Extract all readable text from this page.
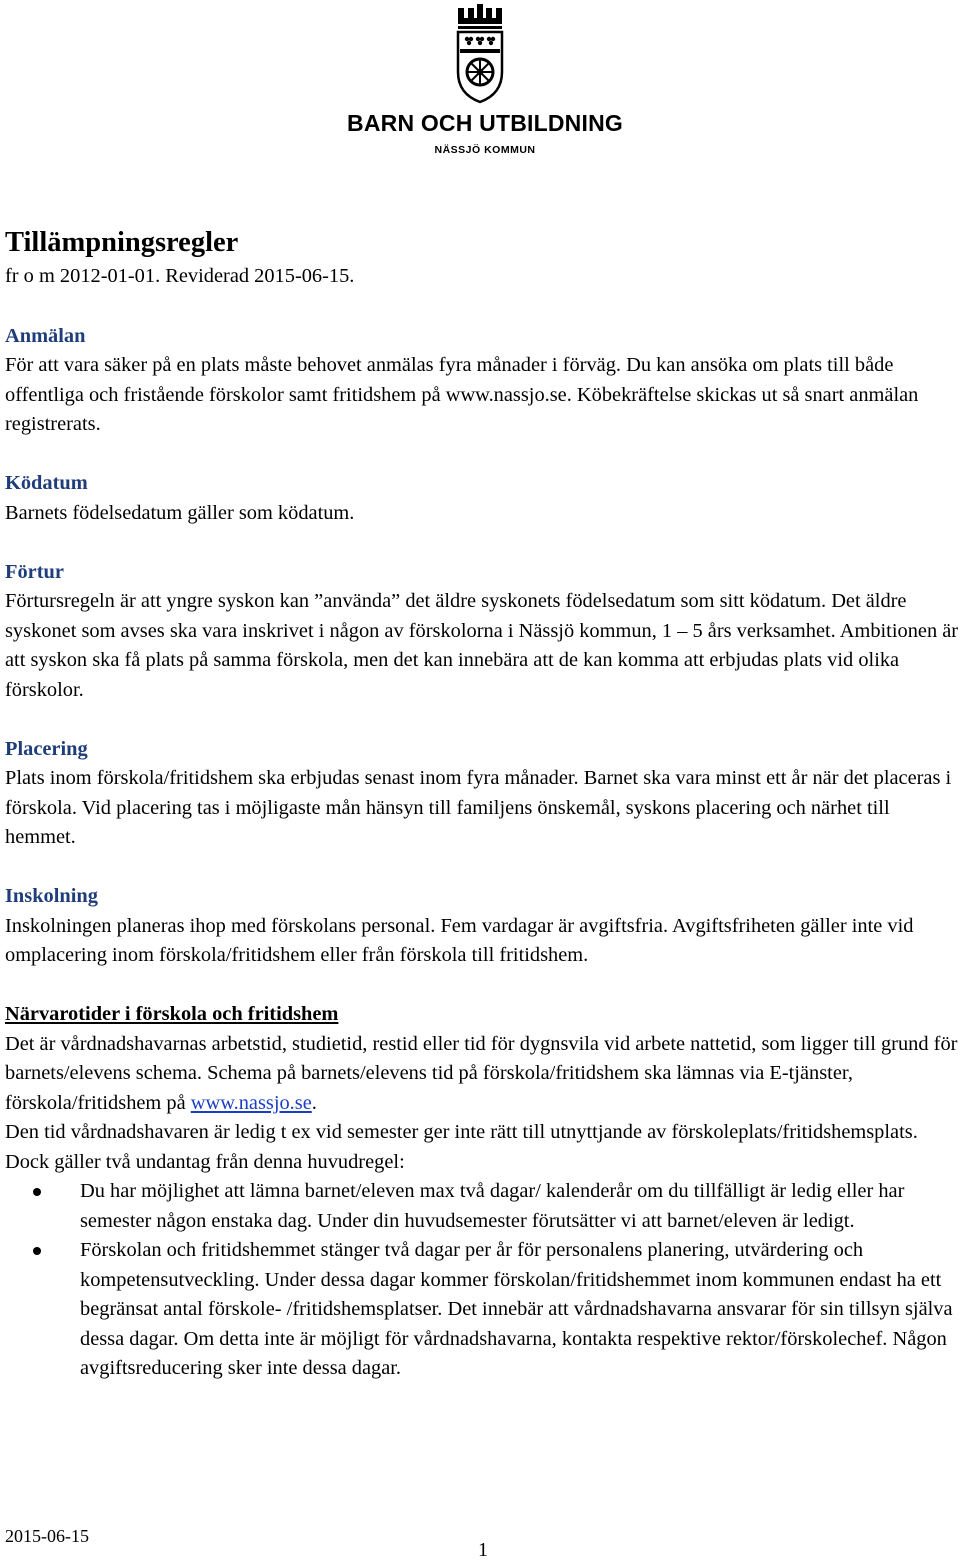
BARN OCH UTBILDNING
NÄSSJÖ KOMMUN
Tillämpningsregler

fr o m 2012-01-01. Reviderad 2015-06-15.

Anmälan

För att vara säker på en plats måste behovet anmälas fyra månader i förväg. Du kan ansöka om plats till både offentliga och fristående förskolor samt fritidshem på www.nassjo.se. Köbekräftelse skickas ut så snart anmälan registrerats.

Ködatum

Barnets födelsedatum gäller som ködatum.

Förtur

Förtursregeln är att yngre syskon kan ”använda” det äldre syskonets födelsedatum som sitt ködatum. Det äldre syskonet som avses ska vara inskrivet i någon av förskolorna i Nässjö kommun, 1 – 5 års verksamhet. Ambitionen är att syskon ska få plats på samma förskola, men det kan innebära att de kan komma att erbjudas plats vid olika förskolor.

Placering

Plats inom förskola/fritidshem ska erbjudas senast inom fyra månader. Barnet ska vara minst ett år när det placeras i förskola. Vid placering tas i möjligaste mån hänsyn till familjens önskemål, syskons placering och närhet till hemmet.

Inskolning

Inskolningen planeras ihop med förskolans personal. Fem vardagar är avgiftsfria. Avgiftsfriheten gäller inte vid omplacering inom förskola/fritidshem eller från förskola till fritidshem.

Närvarotider i förskola och fritidshem

Det är vårdnadshavarnas arbetstid, studietid, restid eller tid för dygnsvila vid arbete nattetid, som ligger till grund för barnets/elevens schema. Schema på barnets/elevens tid på förskola/fritidshem ska lämnas via E-tjänster, förskola/fritidshem på www.nassjo.se.

Den tid vårdnadshavaren är ledig t ex vid semester ger inte rätt till utnyttjande av förskoleplats/fritidshemsplats. Dock gäller två undantag från denna huvudregel:

Du har möjlighet att lämna barnet/eleven max två dagar/ kalenderår om du tillfälligt är ledig eller har semester någon enstaka dag. Under din huvudsemester förutsätter vi att barnet/eleven är ledigt.
Förskolan och fritidshemmet stänger två dagar per år för personalens planering, utvärdering och kompetensutveckling. Under dessa dagar kommer förskolan/fritidshemmet inom kommunen endast ha ett begränsat antal förskole- /fritidshemsplatser. Det innebär att vårdnadshavarna ansvarar för sin tillsyn själva dessa dagar. Om detta inte är möjligt för vårdnadshavarna, kontakta respektive rektor/förskolechef. Någon avgiftsreducering sker inte dessa dagar.
2015-06-15
1
